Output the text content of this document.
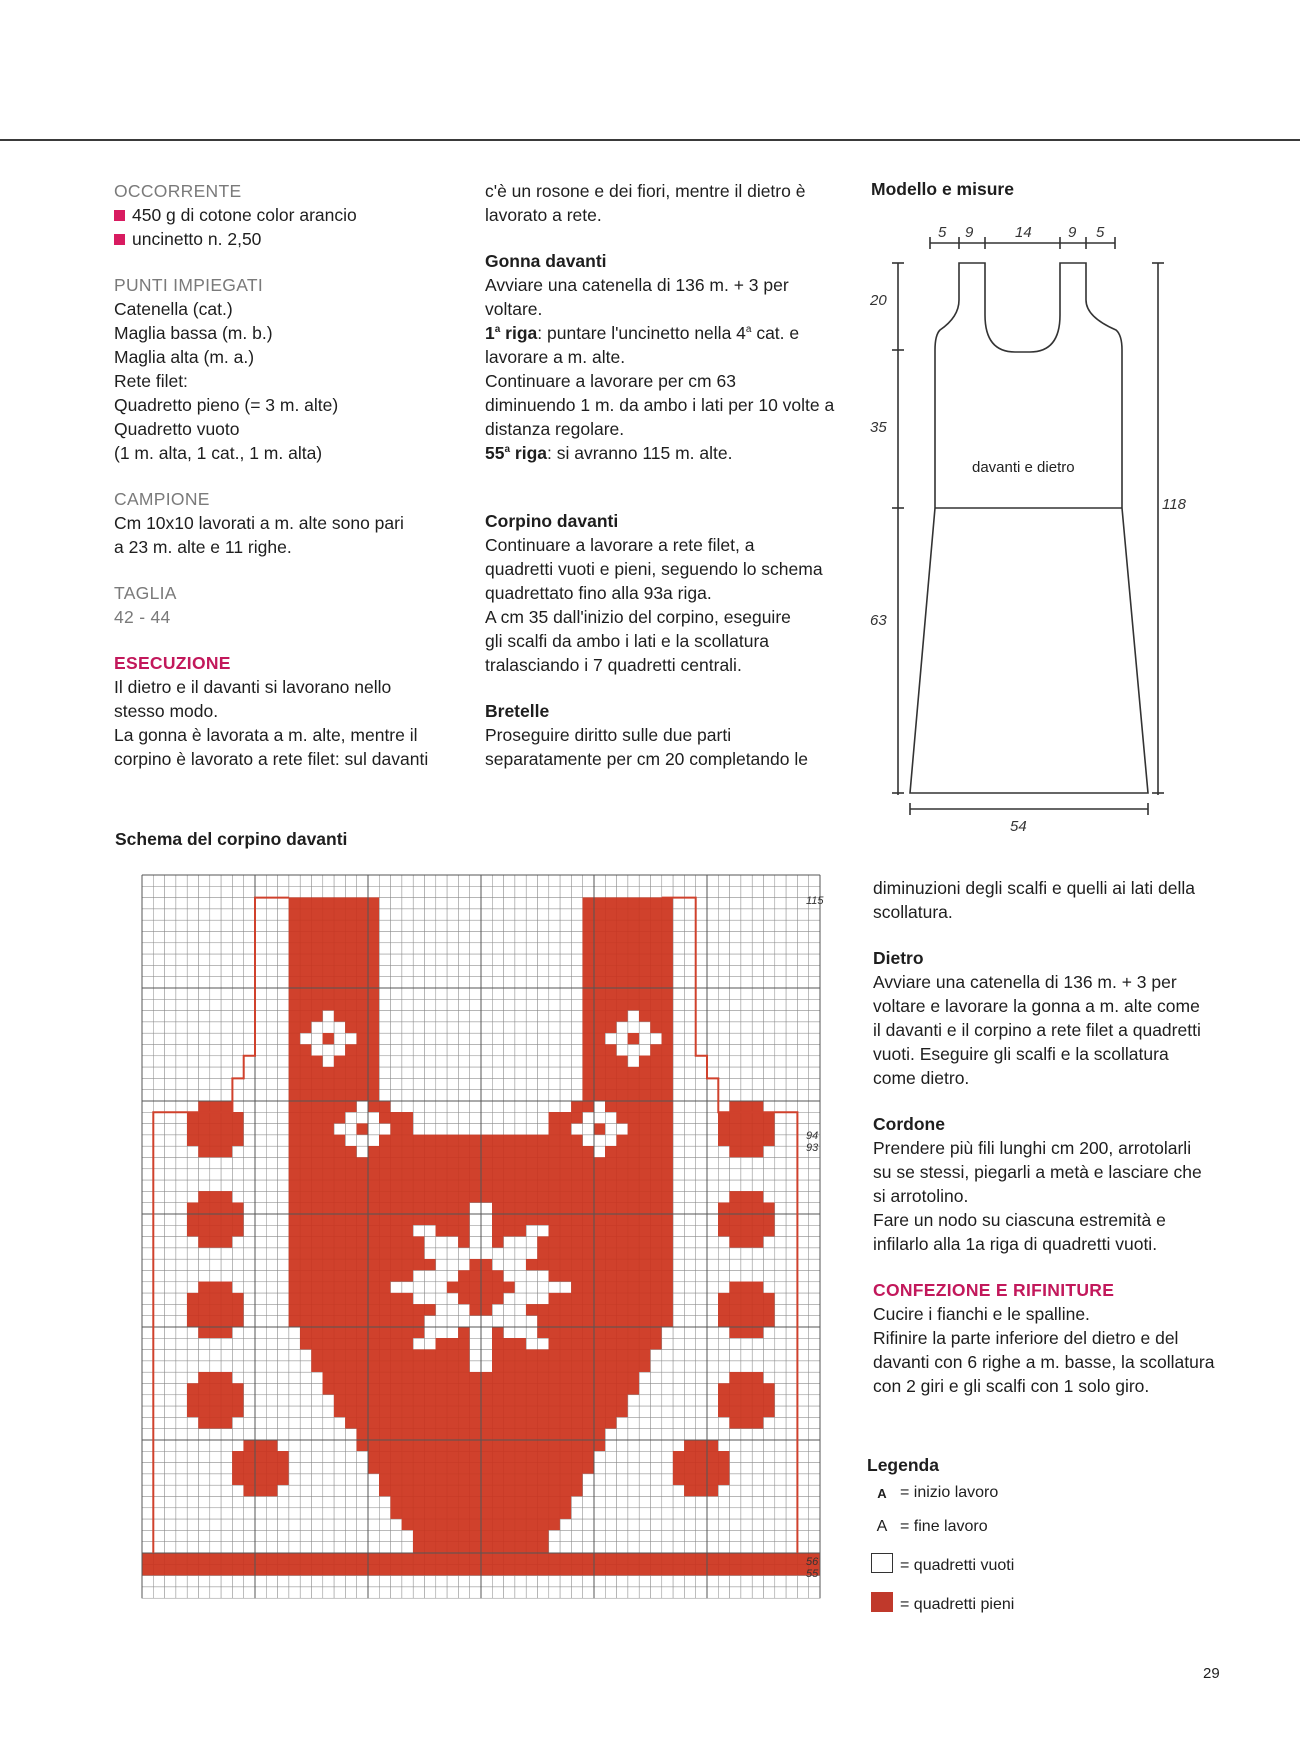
OCCORRENTE

450 g di cotone color arancio

uncinetto n. 2,50

PUNTI IMPIEGATI

Catenella (cat.)

Maglia bassa (m. b.)

Maglia alta (m. a.)

Rete filet:

Quadretto pieno (= 3 m. alte)

Quadretto vuoto

(1 m. alta, 1 cat., 1 m. alta)

CAMPIONE

Cm 10x10 lavorati a m. alte sono pari

a 23 m. alte e 11 righe.

TAGLIA

42 - 44

ESECUZIONE

Il dietro e il davanti si lavorano nello

stesso modo.

La gonna è lavorata a m. alte, mentre il

corpino è lavorato a rete filet: sul davanti

c'è un rosone e dei fiori, mentre il dietro è

lavorato a rete.

Gonna davanti

Avviare una catenella di 136 m. + 3 per

voltare.

1$^a$ riga: puntare l'uncinetto nella 4$^a$ cat. e

lavorare a m. alte.

Continuare a lavorare per cm 63

diminuendo 1 m. da ambo i lati per 10 volte a

distanza regolare.

55$^a$ riga: si avranno 115 m. alte.

Corpino davanti

Continuare a lavorare a rete filet, a

quadretti vuoti e pieni, seguendo lo schema

quadrettato fino alla 93a riga.

A cm 35 dall'inizio del corpino, eseguire

gli scalfi da ambo i lati e la scollatura

tralasciando i 7 quadretti centrali.

Bretelle

Proseguire diritto sulle due parti

separatamente per cm 20 completando le

Modello e misure
5 9	14 9 5
20
35
63
118
54
davanti e dietro
Schema del corpino davanti
115
94
93
56
55

diminuzioni degli scalfi e quelli ai lati della

scollatura.

Dietro

Avviare una catenella di 136 m. + 3 per

voltare e lavorare la gonna a m. alte come

il davanti e il corpino a rete filet a quadretti

vuoti. Eseguire gli scalfi e la scollatura

come dietro.

Cordone

Prendere più fili lunghi cm 200, arrotolarli

su se stessi, piegarli a metà e lasciare che

si arrotolino.

Fare un nodo su ciascuna estremità e

infilarlo alla 1a riga di quadretti vuoti.

CONFEZIONE E RIFINITURE

Cucire i fianchi e le spalline.

Rifinire la parte inferiore del dietro e del

davanti con 6 righe a m. basse, la scollatura

con 2 giri e gli scalfi con 1 solo giro.

Legenda
A = inizio lavoro
A = fine lavoro
= quadretti vuoti
= quadretti pieni
29
